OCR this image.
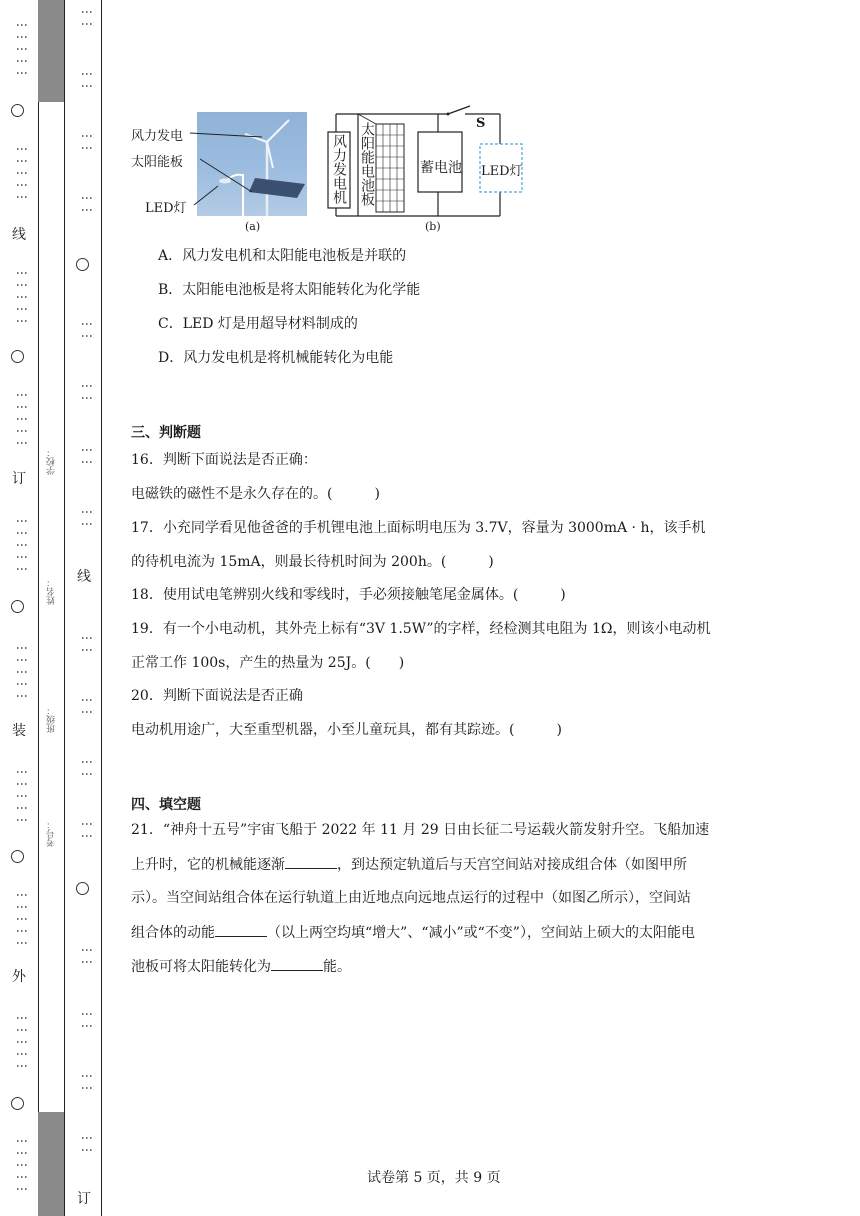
⋮⋮⋮⋮⋮
⋮⋮⋮⋮⋮
线
⋮⋮⋮⋮⋮
⋮⋮⋮⋮⋮
订
⋮⋮⋮⋮⋮
⋮⋮⋮⋮⋮
装
⋮⋮⋮⋮⋮
⋮⋮⋮⋮⋮
外
⋮⋮⋮⋮⋮
⋮⋮⋮⋮⋮
学校：
姓名：
班级：
考号：
⋮⋮
⋮⋮
⋮⋮
⋮⋮
⋮⋮
⋮⋮
⋮⋮
⋮⋮
线
⋮⋮
⋮⋮
⋮⋮
⋮⋮
⋮⋮
⋮⋮
⋮⋮
⋮⋮
订
风力发电
太阳能板
LED灯
(a)
风力发电机 太阳能电池板	蓄电池
S
LED灯
(b)
A．风力发电机和太阳能电池板是并联的
B．太阳能电池板是将太阳能转化为化学能
C．LED 灯是用超导材料制成的
D．风力发电机是将机械能转化为电能
三、判断题
16．判断下面说法是否正确：
电磁铁的磁性不是永久存在的。(　　　)
17．小充同学看见他爸爸的手机锂电池上面标明电压为 3.7V，容量为 3000mA · h，该手机
的待机电流为 15mA，则最长待机时间为 200h。(　　　)
18．使用试电笔辨别火线和零线时，手必须接触笔尾金属体。(　　　)
19．有一个小电动机，其外壳上标有“3V 1.5W”的字样，经检测其电阻为 1Ω，则该小电动机
正常工作 100s，产生的热量为 25J。(　　)
20．判断下面说法是否正确
电动机用途广，大至重型机器，小至儿童玩具，都有其踪迹。(　　　)
四、填空题
21．“神舟十五号”宇宙飞船于 2022 年 11 月 29 日由长征二号运载火箭发射升空。飞船加速
上升时，它的机械能逐渐	，到达预定轨道后与天宫空间站对接成组合体（如图甲所
示）。当空间站组合体在运行轨道上由近地点向远地点运行的过程中（如图乙所示），空间站
组合体的动能	（以上两空均填“增大”、“减小”或“不变”），空间站上硕大的太阳能电
池板可将太阳能转化为	能。
试卷第 5 页，共 9 页
